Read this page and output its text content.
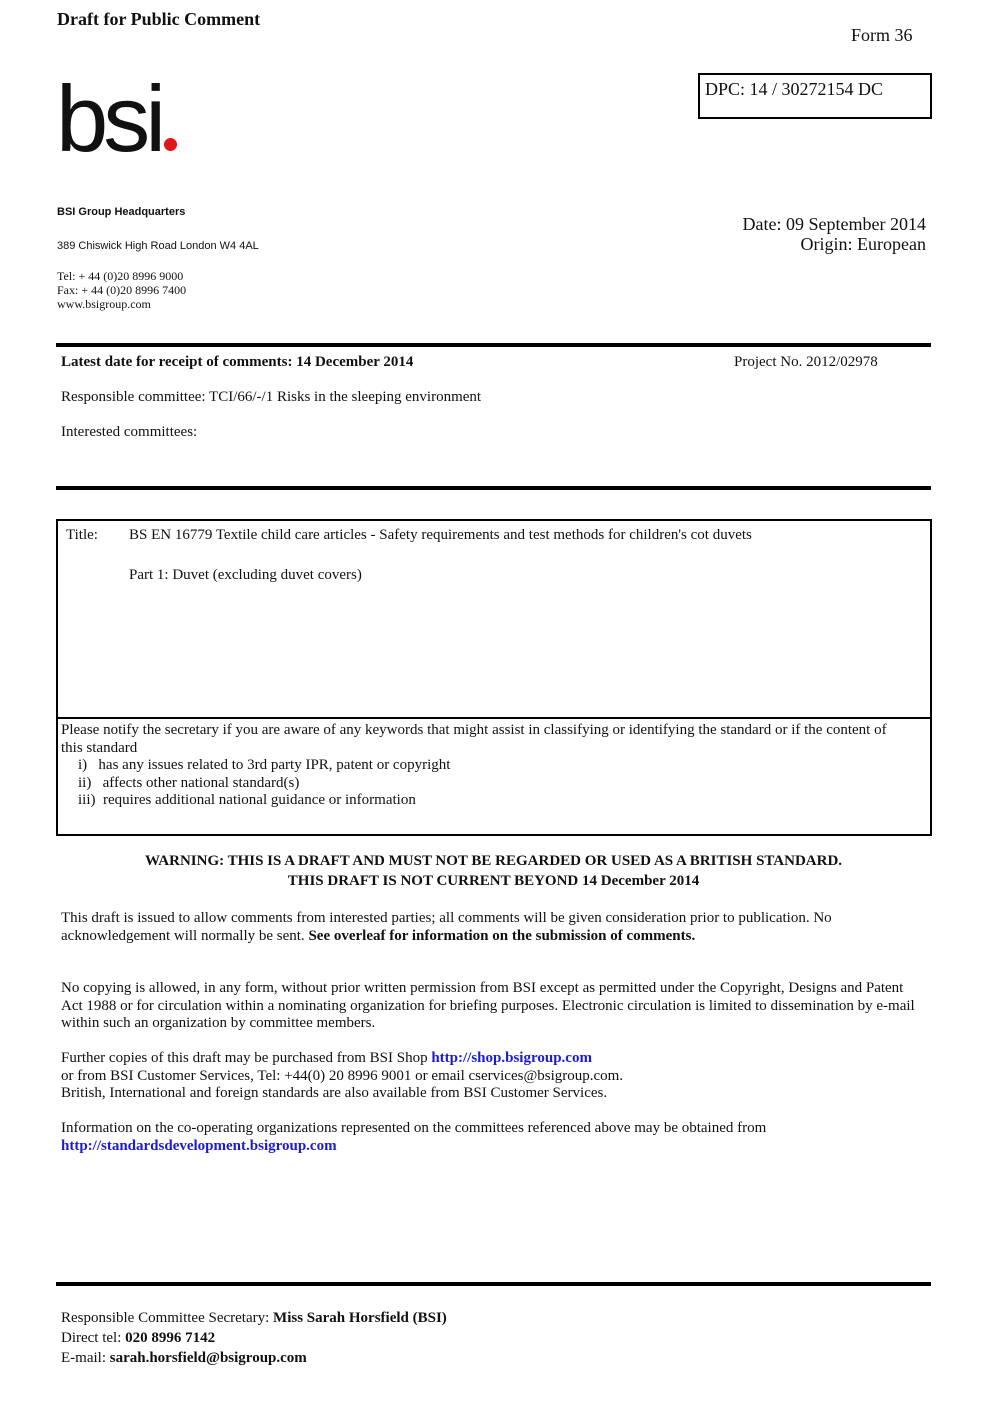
Draft for Public Comment
Form 36
DPC: 14 / 30272154 DC
bsi
BSI Group Headquarters
389 Chiswick High Road London W4 4AL
Tel: + 44 (0)20 8996 9000
Fax: + 44 (0)20 8996 7400
www.bsigroup.com
Date: 09 September 2014
Origin: European
Latest date for receipt of comments: 14 December 2014	Project No. 2012/02978
Responsible committee: TCI/66/-/1 Risks in the sleeping environment
Interested committees:
Title: BS EN 16779 Textile child care articles - Safety requirements and test methods for children's cot duvets
Part 1: Duvet (excluding duvet covers)
Please notify the secretary if you are aware of any keywords that might assist in classifying or identifying the standard or if the content of this standard
i) has any issues related to 3rd party IPR, patent or copyright
ii) affects other national standard(s)
iii) requires additional national guidance or information
WARNING: THIS IS A DRAFT AND MUST NOT BE REGARDED OR USED AS A BRITISH STANDARD.
THIS DRAFT IS NOT CURRENT BEYOND 14 December 2014
This draft is issued to allow comments from interested parties; all comments will be given consideration prior to publication. No acknowledgement will normally be sent. See overleaf for information on the submission of comments.
No copying is allowed, in any form, without prior written permission from BSI except as permitted under the Copyright, Designs and Patent Act 1988 or for circulation within a nominating organization for briefing purposes. Electronic circulation is limited to dissemination by e-mail within such an organization by committee members.
Further copies of this draft may be purchased from BSI Shop http://shop.bsigroup.com
or from BSI Customer Services, Tel: +44(0) 20 8996 9001 or email cservices@bsigroup.com.
British, International and foreign standards are also available from BSI Customer Services.
Information on the co-operating organizations represented on the committees referenced above may be obtained from
http://standardsdevelopment.bsigroup.com
Responsible Committee Secretary: Miss Sarah Horsfield (BSI)
Direct tel: 020 8996 7142
E-mail: sarah.horsfield@bsigroup.com
